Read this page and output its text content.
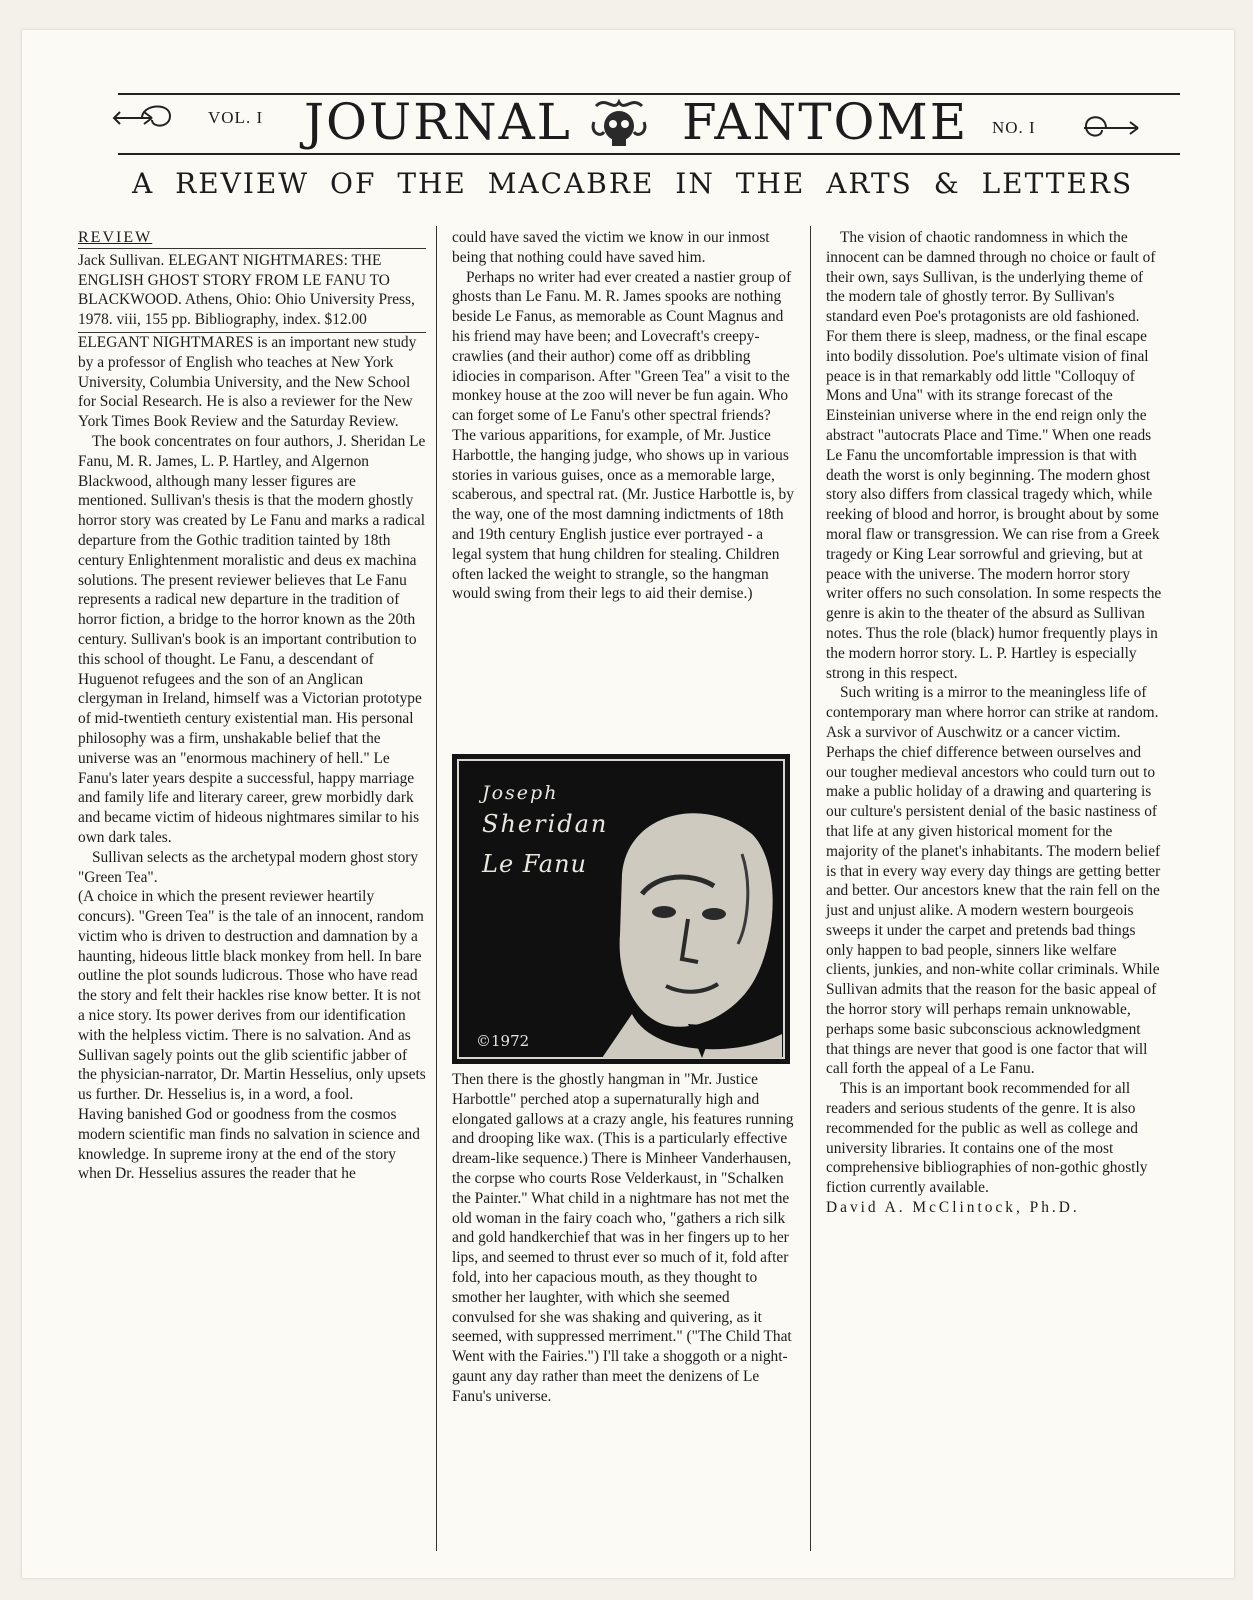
VOL. I JOURNAL FANTOME NO. I
A REVIEW OF THE MACABRE IN THE ARTS & LETTERS

REVIEW

Jack Sullivan. ELEGANT NIGHTMARES: THE ENGLISH GHOST STORY FROM LE FANU TO BLACKWOOD. Athens, Ohio: Ohio University Press, 1978. viii, 155 pp. Bibliography, index. $12.00

ELEGANT NIGHTMARES is an important new study by a professor of English who teaches at New York University, Columbia University, and the New School for Social Research. He is also a reviewer for the New York Times Book Review and the Saturday Review.

The book concentrates on four authors, J. Sheridan Le Fanu, M. R. James, L. P. Hartley, and Algernon Blackwood, although many lesser figures are mentioned. Sullivan's thesis is that the modern ghostly horror story was created by Le Fanu and marks a radical departure from the Gothic tradition tainted by 18th century Enlightenment moralistic and deus ex machina solutions. The present reviewer believes that Le Fanu represents a radical new departure in the tradition of horror fiction, a bridge to the horror known as the 20th century. Sullivan's book is an important contribution to this school of thought. Le Fanu, a descendant of Huguenot refugees and the son of an Anglican clergyman in Ireland, himself was a Victorian prototype of mid-twentieth century existential man. His personal philosophy was a firm, unshakable belief that the universe was an "enormous machinery of hell." Le Fanu's later years despite a successful, happy marriage and family life and literary career, grew morbidly dark and became victim of hideous nightmares similar to his own dark tales.

Sullivan selects as the archetypal modern ghost story "Green Tea".

(A choice in which the present reviewer heartily concurs). "Green Tea" is the tale of an innocent, random victim who is driven to destruction and damnation by a haunting, hideous little black monkey from hell. In bare outline the plot sounds ludicrous. Those who have read the story and felt their hackles rise know better. It is not a nice story. Its power derives from our identification with the helpless victim. There is no salvation. And as Sullivan sagely points out the glib scientific jabber of the physician-narrator, Dr. Martin Hesselius, only upsets us further. Dr. Hesselius is, in a word, a fool.

Having banished God or goodness from the cosmos modern scientific man finds no salvation in science and knowledge. In supreme irony at the end of the story when Dr. Hesselius assures the reader that he

could have saved the victim we know in our inmost being that nothing could have saved him.

Perhaps no writer had ever created a nastier group of ghosts than Le Fanu. M. R. James spooks are nothing beside Le Fanus, as memorable as Count Magnus and his friend may have been; and Lovecraft's creepy-crawlies (and their author) come off as dribbling idiocies in comparison. After "Green Tea" a visit to the monkey house at the zoo will never be fun again. Who can forget some of Le Fanu's other spectral friends? The various apparitions, for example, of Mr. Justice Harbottle, the hanging judge, who shows up in various stories in various guises, once as a memorable large, scaberous, and spectral rat. (Mr. Justice Harbottle is, by the way, one of the most damning indictments of 18th and 19th century English justice ever portrayed - a legal system that hung children for stealing. Children often lacked the weight to strangle, so the hangman would swing from their legs to aid their demise.)

Joseph
Sheridan
Le Fanu
©1972

Then there is the ghostly hangman in "Mr. Justice Harbottle" perched atop a supernaturally high and elongated gallows at a crazy angle, his features running and drooping like wax. (This is a particularly effective dream-like sequence.) There is Minheer Vanderhausen, the corpse who courts Rose Velderkaust, in "Schalken the Painter." What child in a nightmare has not met the old woman in the fairy coach who, "gathers a rich silk and gold handkerchief that was in her fingers up to her lips, and seemed to thrust ever so much of it, fold after fold, into her capacious mouth, as they thought to smother her laughter, with which she seemed convulsed for she was shaking and quivering, as it seemed, with suppressed merriment." ("The Child That Went with the Fairies.") I'll take a shoggoth or a night-gaunt any day rather than meet the denizens of Le Fanu's universe.

The vision of chaotic randomness in which the innocent can be damned through no choice or fault of their own, says Sullivan, is the underlying theme of the modern tale of ghostly terror. By Sullivan's standard even Poe's protagonists are old fashioned. For them there is sleep, madness, or the final escape into bodily dissolution. Poe's ultimate vision of final peace is in that remarkably odd little "Colloquy of Mons and Una" with its strange forecast of the Einsteinian universe where in the end reign only the abstract "autocrats Place and Time." When one reads Le Fanu the uncomfortable impression is that with death the worst is only beginning. The modern ghost story also differs from classical tragedy which, while reeking of blood and horror, is brought about by some moral flaw or transgression. We can rise from a Greek tragedy or King Lear sorrowful and grieving, but at peace with the universe. The modern horror story writer offers no such consolation. In some respects the genre is akin to the theater of the absurd as Sullivan notes. Thus the role (black) humor frequently plays in the modern horror story. L. P. Hartley is especially strong in this respect.

Such writing is a mirror to the meaningless life of contemporary man where horror can strike at random. Ask a survivor of Auschwitz or a cancer victim. Perhaps the chief difference between ourselves and our tougher medieval ancestors who could turn out to make a public holiday of a drawing and quartering is our culture's persistent denial of the basic nastiness of that life at any given historical moment for the majority of the planet's inhabitants. The modern belief is that in every way every day things are getting better and better. Our ancestors knew that the rain fell on the just and unjust alike. A modern western bourgeois sweeps it under the carpet and pretends bad things only happen to bad people, sinners like welfare clients, junkies, and non-white collar criminals. While Sullivan admits that the reason for the basic appeal of the horror story will perhaps remain unknowable, perhaps some basic subconscious acknowledgment that things are never that good is one factor that will call forth the appeal of a Le Fanu.

This is an important book recommended for all readers and serious students of the genre. It is also recommended for the public as well as college and university libraries. It contains one of the most comprehensive bibliographies of non-gothic ghostly fiction currently available.

David A. McClintock, Ph.D.
